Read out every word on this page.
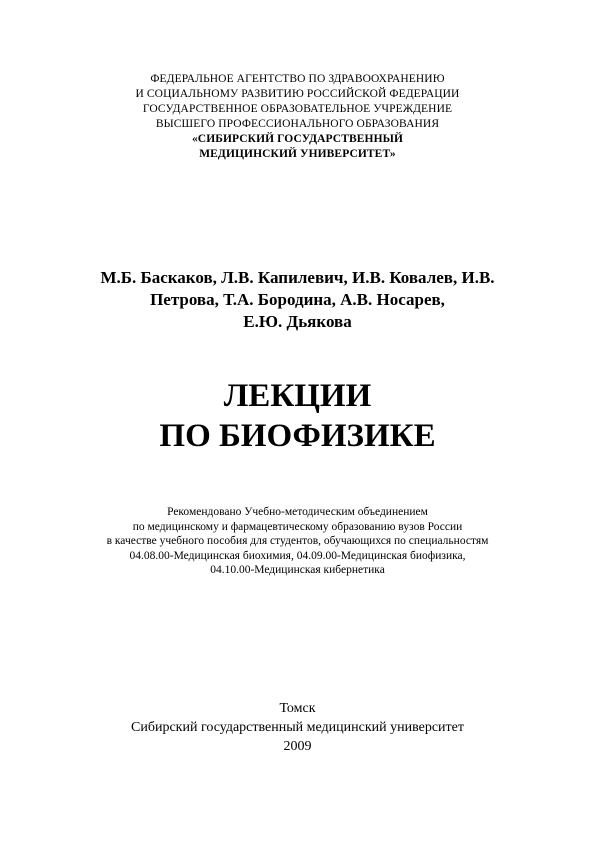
ФЕДЕРАЛЬНОЕ АГЕНТСТВО ПО ЗДРАВООХРАНЕНИЮ
И СОЦИАЛЬНОМУ РАЗВИТИЮ РОССИЙСКОЙ ФЕДЕРАЦИИ
ГОСУДАРСТВЕННОЕ ОБРАЗОВАТЕЛЬНОЕ УЧРЕЖДЕНИЕ
ВЫСШЕГО ПРОФЕССИОНАЛЬНОГО ОБРАЗОВАНИЯ
«СИБИРСКИЙ ГОСУДАРСТВЕННЫЙ
МЕДИЦИНСКИЙ УНИВЕРСИТЕТ»
М.Б. Баскаков, Л.В. Капилевич, И.В. Ковалев, И.В.
Петрова, Т.А. Бородина, А.В. Носарев,
Е.Ю. Дьякова
ЛЕКЦИИ
ПО БИОФИЗИКЕ
Рекомендовано Учебно-методическим объединением
по медицинскому и фармацевтическому образованию вузов России
в качестве учебного пособия для студентов, обучающихся по специальностям
04.08.00-Медицинская биохимия, 04.09.00-Медицинская биофизика,
04.10.00-Медицинская кибернетика
Томск
Сибирский государственный медицинский университет
2009
